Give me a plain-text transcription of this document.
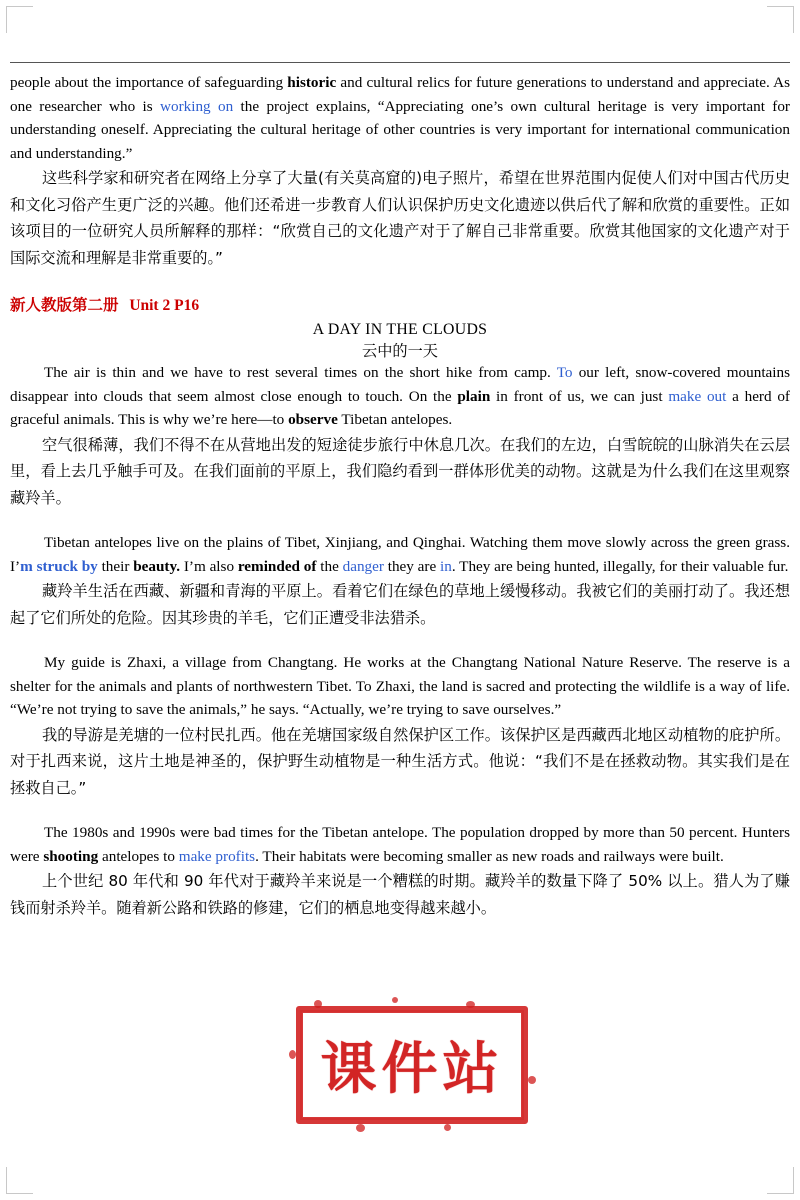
people about the importance of safeguarding historic and cultural relics for future generations to understand and appreciate. As one researcher who is working on the project explains, “Appreciating one’s own cultural heritage is very important for understanding oneself. Appreciating the cultural heritage of other countries is very important for international communication and understanding.”

这些科学家和研究者在网络上分享了大量(有关莫高窟的)电子照片，希望在世界范围内促使人们对中国古代历史和文化习俗产生更广泛的兴趣。他们还希进一步教育人们认识保护历史文化遗迹以供后代了解和欣赏的重要性。正如该项目的一位研究人员所解释的那样：“欣赏自己的文化遗产对于了解自己非常重要。欣赏其他国家的文化遗产对于国际交流和理解是非常重要的。”

新人教版第二册 Unit 2 P16

A DAY IN THE CLOUDS

云中的一天

The air is thin and we have to rest several times on the short hike from camp. To our left, snow-covered mountains disappear into clouds that seem almost close enough to touch. On the plain in front of us, we can just make out a herd of graceful animals. This is why we’re here—to observe Tibetan antelopes.

空气很稀薄，我们不得不在从营地出发的短途徒步旅行中休息几次。在我们的左边，白雪皖皖的山脉消失在云层里，看上去几乎触手可及。在我们面前的平原上，我们隐约看到一群体形优美的动物。这就是为什么我们在这里观察藏羚羊。

Tibetan antelopes live on the plains of Tibet, Xinjiang, and Qinghai. Watching them move slowly across the green grass. I’m struck by their beauty. I’m also reminded of the danger they are in. They are being hunted, illegally, for their valuable fur.

藏羚羊生活在西藏、新疆和青海的平原上。看着它们在绿色的草地上缓慢移动。我被它们的美丽打动了。我还想起了它们所处的危险。因其珍贵的羊毛，它们正遭受非法猎杀。

My guide is Zhaxi, a village from Changtang. He works at the Changtang National Nature Reserve. The reserve is a shelter for the animals and plants of northwestern Tibet. To Zhaxi, the land is sacred and protecting the wildlife is a way of life. “We’re not trying to save the animals,” he says. “Actually, we’re trying to save ourselves.”

我的导游是羌塘的一位村民扎西。他在羌塘国家级自然保护区工作。该保护区是西藏西北地区动植物的庇护所。对于扎西来说，这片土地是神圣的，保护野生动植物是一种生活方式。他说：“我们不是在拯救动物。其实我们是在拯救自己。”

The 1980s and 1990s were bad times for the Tibetan antelope. The population dropped by more than 50 percent. Hunters were shooting antelopes to make profits. Their habitats were becoming smaller as new roads and railways were built.

上个世纪 80 年代和 90 年代对于藏羚羊来说是一个糟糕的时期。藏羚羊的数量下降了 50% 以上。猎人为了赚钱而射杀羚羊。随着新公路和铁路的修建，它们的栖息地变得越来越小。

课件站
